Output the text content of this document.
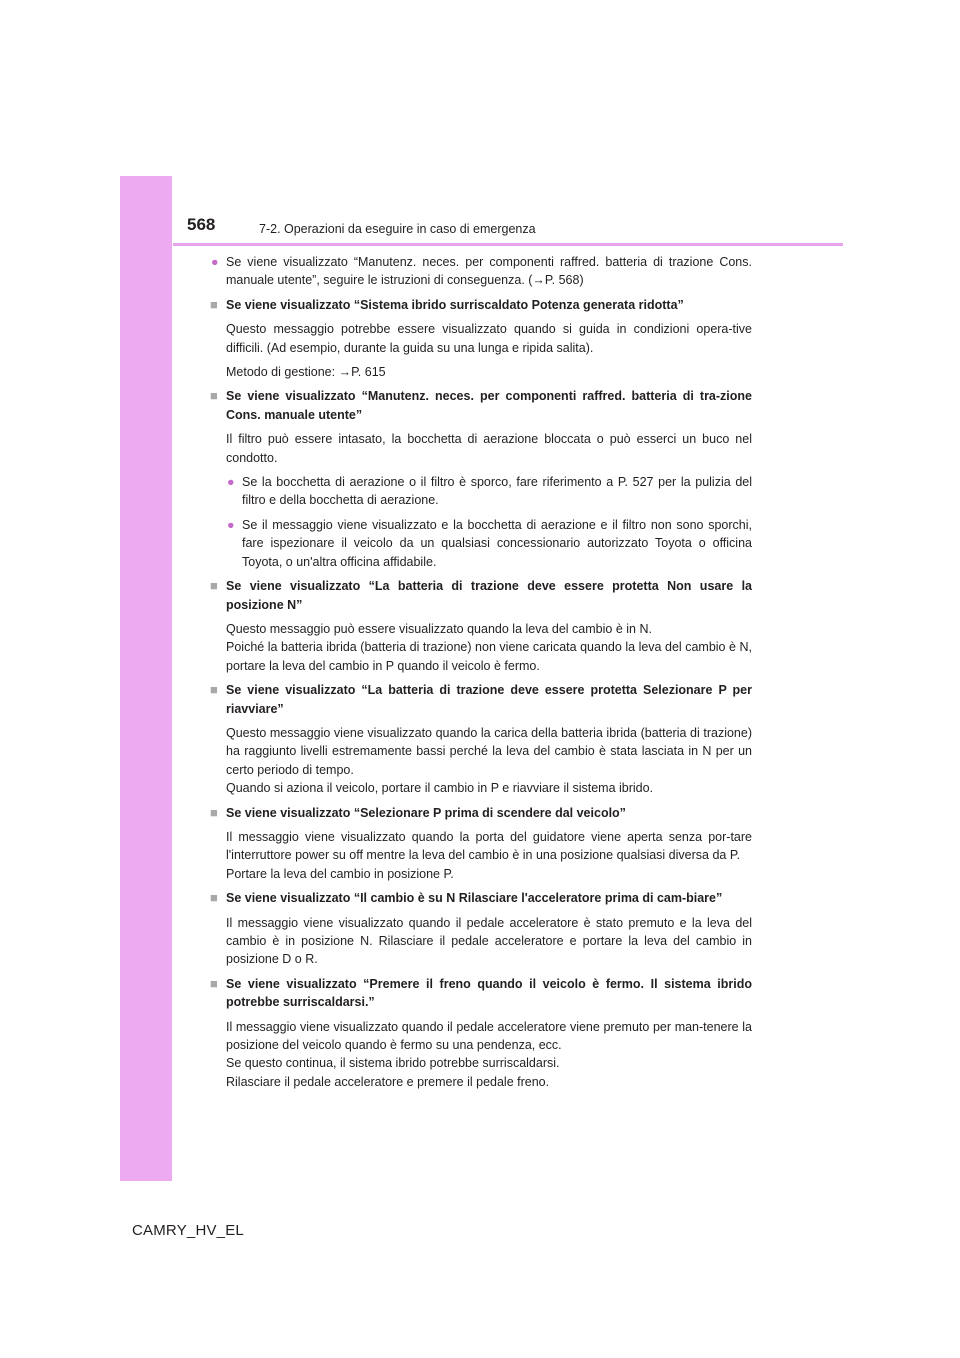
568	7-2. Operazioni da eseguire in caso di emergenza
● Se viene visualizzato “Manutenz. neces. per componenti raffred. batteria di trazione Cons. manuale utente”, seguire le istruzioni di conseguenza. (→P. 568)
■ Se viene visualizzato “Sistema ibrido surriscaldato Potenza generata ridotta”
Questo messaggio potrebbe essere visualizzato quando si guida in condizioni opera-tive difficili. (Ad esempio, durante la guida su una lunga e ripida salita).
Metodo di gestione: →P. 615
■ Se viene visualizzato “Manutenz. neces. per componenti raffred. batteria di tra-zione Cons. manuale utente”
Il filtro può essere intasato, la bocchetta di aerazione bloccata o può esserci un buco nel condotto.
● Se la bocchetta di aerazione o il filtro è sporco, fare riferimento a P. 527 per la pulizia del filtro e della bocchetta di aerazione.
● Se il messaggio viene visualizzato e la bocchetta di aerazione e il filtro non sono sporchi, fare ispezionare il veicolo da un qualsiasi concessionario autorizzato Toyota o officina Toyota, o un'altra officina affidabile.
■ Se viene visualizzato “La batteria di trazione deve essere protetta Non usare la posizione N”
Questo messaggio può essere visualizzato quando la leva del cambio è in N.
Poiché la batteria ibrida (batteria di trazione) non viene caricata quando la leva del cambio è N, portare la leva del cambio in P quando il veicolo è fermo.
■ Se viene visualizzato “La batteria di trazione deve essere protetta Selezionare P per riavviare”
Questo messaggio viene visualizzato quando la carica della batteria ibrida (batteria di trazione) ha raggiunto livelli estremamente bassi perché la leva del cambio è stata lasciata in N per un certo periodo di tempo.
Quando si aziona il veicolo, portare il cambio in P e riavviare il sistema ibrido.
■ Se viene visualizzato “Selezionare P prima di scendere dal veicolo”
Il messaggio viene visualizzato quando la porta del guidatore viene aperta senza por-tare l'interruttore power su off mentre la leva del cambio è in una posizione qualsiasi diversa da P.
Portare la leva del cambio in posizione P.
■ Se viene visualizzato “Il cambio è su N Rilasciare l'acceleratore prima di cam-biare”
Il messaggio viene visualizzato quando il pedale acceleratore è stato premuto e la leva del cambio è in posizione N. Rilasciare il pedale acceleratore e portare la leva del cambio in posizione D o R.
■ Se viene visualizzato “Premere il freno quando il veicolo è fermo. Il sistema ibrido potrebbe surriscaldarsi.”
Il messaggio viene visualizzato quando il pedale acceleratore viene premuto per man-tenere la posizione del veicolo quando è fermo su una pendenza, ecc.
Se questo continua, il sistema ibrido potrebbe surriscaldarsi.
Rilasciare il pedale acceleratore e premere il pedale freno.
CAMRY_HV_EL
